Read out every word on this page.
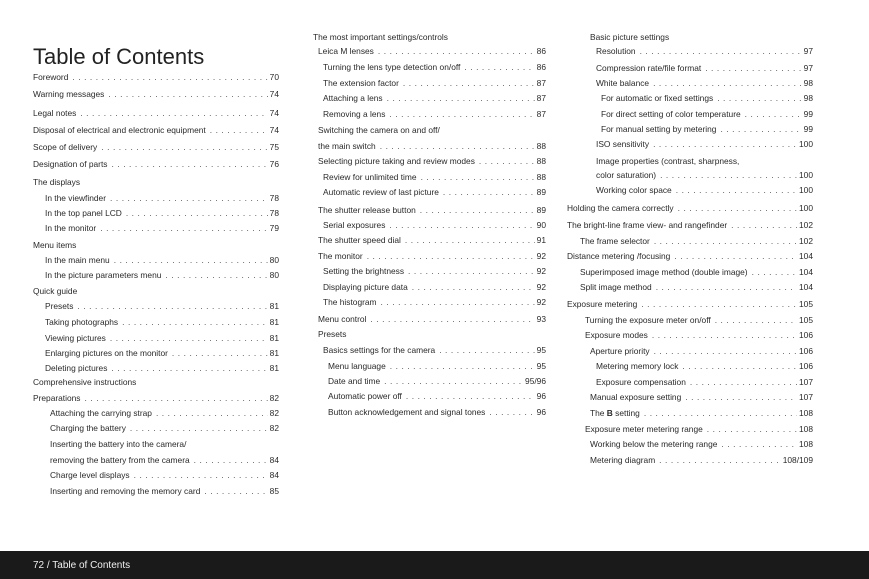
Table of Contents
Foreword . . .	70
Warning messages . . .	74
Legal notes . . .	74
Disposal of electrical and electronic equipment . . .	74
Scope of delivery . . .	75
Designation of parts . . .	76
The displays
In the viewfinder . . .	78
In the top panel LCD . . .	78
In the monitor . . .	79
Menu items
In the main menu . . .	80
In the picture parameters menu . . .	80
Quick guide
Presets . . .	81
Taking photographs . . .	81
Viewing pictures . . .	81
Enlarging pictures on the monitor . . .	81
Deleting pictures . . .	81
Comprehensive instructions
Preparations . . .	82
Attaching the carrying strap . . .	82
Charging the battery . . .	82
Inserting the battery into the camera/
removing the battery from the camera . . .	84
Charge level displays . . .	84
Inserting and removing the memory card . . .	85
The most important settings/controls
Leica M lenses . . .	86
Turning the lens type detection on/off . . .	86
The extension factor . . .	87
Attaching a lens . . .	87
Removing a lens . . .	87
Switching the camera on and off/
the main switch . . .	88
Selecting picture taking and review modes . . .	88
Review for unlimited time . . .	88
Automatic review of last picture . . .	89
The shutter release button . . .	89
Serial exposures . . .	90
The shutter speed dial . . .	91
The monitor . . .	92
Setting the brightness . . .	92
Displaying picture data . . .	92
The histogram . . .	92
Menu control . . .	93
Presets
Basics settings for the camera . . .	95
Menu language . . .	95
Date and time . . .	95/96
Automatic power off . . .	96
Button acknowledgement and signal tones . . .	96
Basic picture settings
Resolution . . .	97
Compression rate/file format . . .	97
White balance . . .	98
For automatic or fixed settings . . .	98
For direct setting of color temperature . . .	99
For manual setting by metering . . .	99
ISO sensitivity . . .	100
Image properties (contrast, sharpness,
color saturation) . . .	100
Working color space . . .	100
Holding the camera correctly . . .	100
The bright-line frame view- and rangefinder . . .	102
The frame selector . . .	102
Distance metering /focusing . . .	104
Superimposed image method (double image) . . .	104
Split image method . . .	104
Exposure metering . . .	105
Turning the exposure meter on/off . . .	105
Exposure modes . . .	106
Aperture priority . . .	106
Metering memory lock . . .	106
Exposure compensation . . .	107
Manual exposure setting . . .	107
The B setting . . .	108
Exposure meter metering range . . .	108
Working below the metering range . . .	108
Metering diagram . . .	108/109
72 / Table of Contents
